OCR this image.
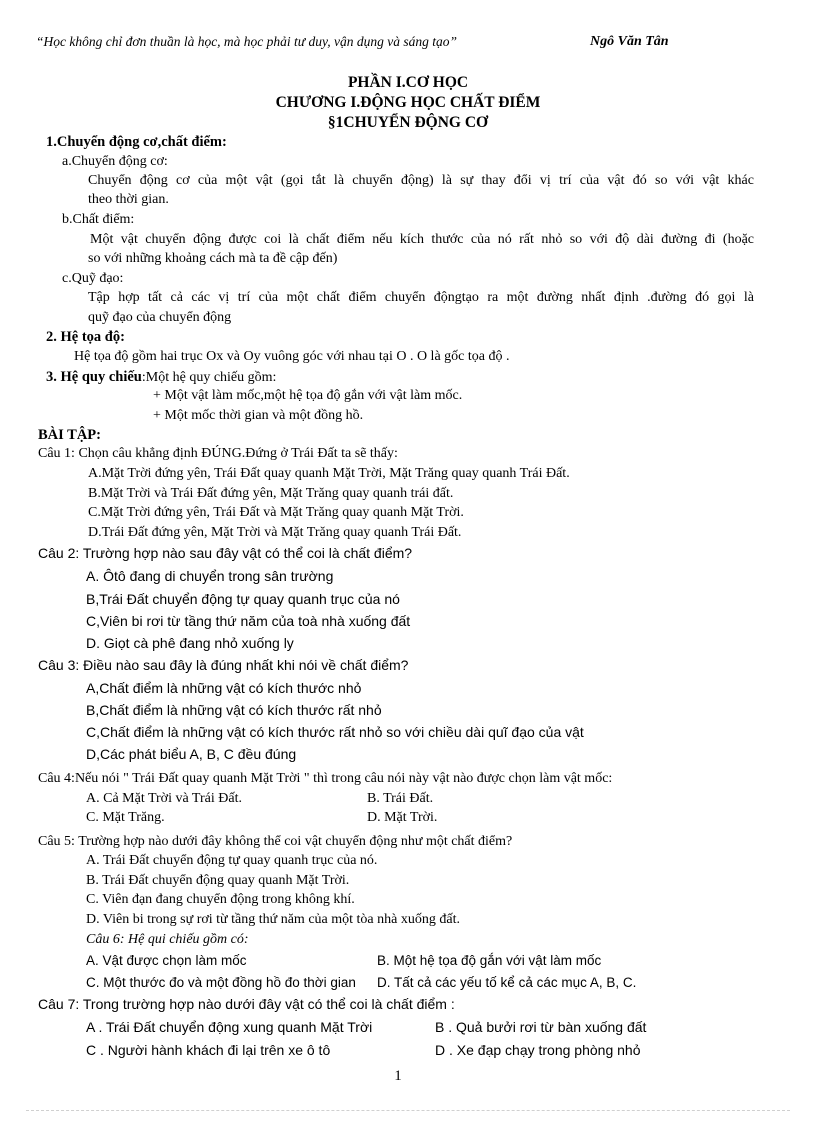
“Học không chỉ đơn thuần là học, mà học phải tư duy, vận dụng và sáng tạo”	Ngô Văn Tân
PHẦN I.CƠ HỌC
CHƯƠNG I.ĐỘNG HỌC CHẤT ĐIỂM
§1CHUYỂN ĐỘNG CƠ
1.Chuyển động cơ,chất điểm:
a.Chuyển động cơ:
Chuyển động cơ của một vật (gọi tắt là chuyển động) là sự thay đổi vị trí của vật đó so với vật khác
theo thời gian.
b.Chất điểm:
Một vật chuyển động được coi là chất điểm nếu kích thước của nó rất nhỏ so với độ dài đường đi (hoặc
so với những khoảng cách mà ta đề cập đến)
c.Quỹ đạo:
Tập hợp tất cả các vị trí của một chất điểm chuyển độngtạo ra một đường nhất định .đường đó gọi là
quỹ đạo của chuyển động
2. Hệ tọa độ:
Hệ tọa độ gồm hai trục Ox và Oy vuông góc với nhau tại O . O là gốc tọa độ .
3. Hệ quy chiếu:Một hệ quy chiếu gồm:
+ Một vật làm mốc,một hệ tọa độ gắn với vật làm mốc.
+ Một mốc thời gian và một đồng hồ.
BÀI TẬP:
Câu 1: Chọn câu khẳng định ĐÚNG.Đứng ở Trái Đất ta sẽ thấy:
A.Mặt Trời đứng yên, Trái Đất quay quanh Mặt Trời, Mặt Trăng quay quanh Trái Đất.
B.Mặt Trời và Trái Đất đứng yên, Mặt Trăng quay quanh trái đất.
C.Mặt Trời đứng yên, Trái Đất và Mặt Trăng quay quanh Mặt Trời.
D.Trái Đất đứng yên, Mặt Trời và Mặt Trăng quay quanh Trái Đất.
Câu 2: Trường hợp nào sau đây vật có thể coi là chất điểm?
A. Ôtô đang di chuyển trong sân trường
B,Trái Đất chuyển động tự quay quanh trục của nó
C,Viên bi rơi từ tầng thứ năm của toà nhà xuống đất
D. Giọt cà phê đang nhỏ xuống ly
Câu 3: Điều nào sau đây là đúng nhất khi nói về chất điểm?
A,Chất điểm là những vật có kích thước nhỏ
B,Chất điểm là những vật có kích thước rất nhỏ
C,Chất điểm là những vật có kích thước rất nhỏ so với chiều dài quĩ đạo của vật
D,Các phát biểu A, B, C đều đúng
Câu 4:Nếu nói " Trái Đất quay quanh Mặt Trời " thì trong câu nói này vật nào được chọn làm vật mốc:
A. Cả Mặt Trời và Trái Đất.	B. Trái Đất.
C. Mặt Trăng.	D. Mặt Trời.
Câu 5: Trường hợp nào dưới đây không thể coi vật chuyển động như một chất điểm?
A. Trái Đất chuyển động tự quay quanh trục của nó.
B. Trái Đất chuyển động quay quanh Mặt Trời.
C. Viên đạn đang chuyển động trong không khí.
D. Viên bi trong sự rơi từ tầng thứ năm của một tòa nhà xuống đất.
Câu 6: Hệ qui chiếu gồm có:
A. Vật được chọn làm mốc	B. Một hệ tọa độ gắn với vật làm mốc
C. Một thước đo và một đồng hồ đo thời gian D. Tất cả các yếu tố kể cả các mục A, B, C.
Câu 7: Trong trường hợp nào dưới đây vật có thể coi là chất điểm :
A . Trái Đất chuyển động xung quanh Mặt Trời	B . Quả bưởi rơi từ bàn xuống đất
C . Người hành khách đi lại trên xe ô tô	D . Xe đạp chạy trong phòng nhỏ
1
